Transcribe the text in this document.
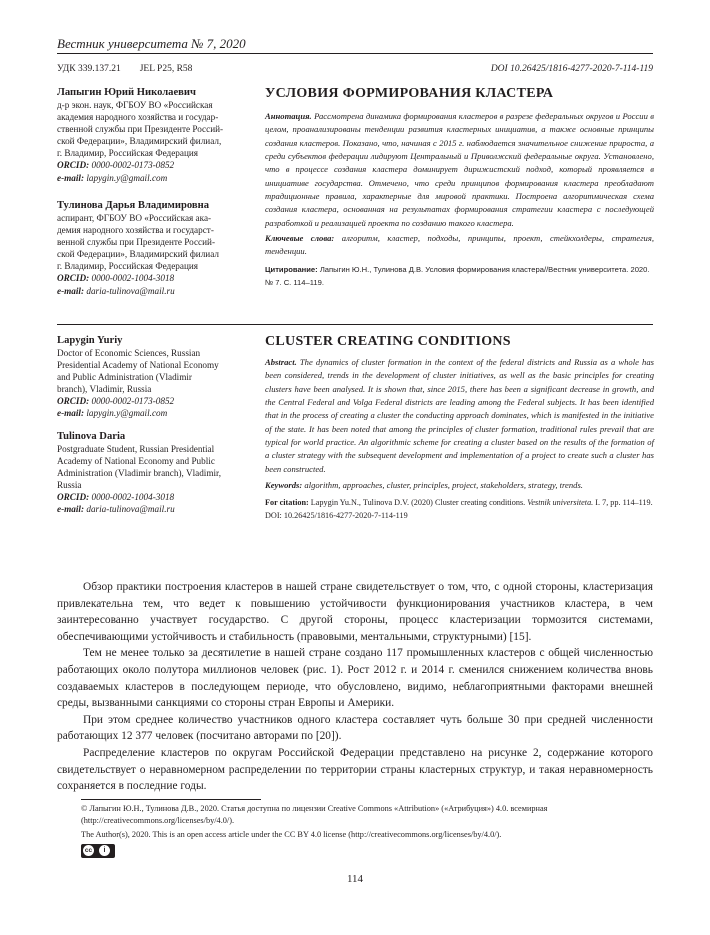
Вестник университета № 7, 2020
УДК 339.137.21 JEL P25, R58	DOI 10.26425/1816-4277-2020-7-114-119

Лапыгин Юрий Николаевич

д-р экон. наук, ФГБОУ ВО «Российская

академия народного хозяйства и государ-

ственной службы при Президенте Россий-

ской Федерации», Владимирский филиал,

г. Владимир, Российская Федерация

ORCID: 0000-0002-0173-0852

e-mail: lapygin.y@gmail.com

Тулинова Дарья Владимировна

аспирант, ФГБОУ ВО «Российская ака-

демия народного хозяйства и государст-

венной службы при Президенте Россий-

ской Федерации», Владимирский филиал

г. Владимир, Российская Федерация

ORCID: 0000-0002-1004-3018

e-mail: daria-tulinova@mail.ru

УСЛОВИЯ ФОРМИРОВАНИЯ КЛАСТЕРА
Аннотация. Рассмотрена динамика формирования кластеров в разрезе федеральных округов и России в целом, проанализированы тенденции развития кластерных инициатив, а также основные принципы создания кластеров. Показано, что, начиная с 2015 г. наблюдается значительное снижение прироста, а среди субъектов федерации лидируют Центральный и Приволжский федеральные округа. Установлено, что в процессе создания кластера доминирует дирижистский подход, который проявляется в инициативе государства. Отмечено, что среди принципов формирования кластера преобладают традиционные правила, характерные для мировой практики. Построена алгоритмическая схема создания кластера, основанная на результатах формирования стратегии кластера с последующей разработкой и реализацией проекта по созданию такого кластера.
Ключевые слова: алгоритм, кластер, подходы, принципы, проект, стейкхолдеры, стратегия, тенденции.
Цитирование: Лапыгин Ю.Н., Тулинова Д.В. Условия формирования кластера//Вестник университета. 2020. № 7. С. 114–119.

Lapygin Yuriy

Doctor of Economic Sciences, Russian

Presidential Academy of National Economy

and Public Administration (Vladimir

branch), Vladimir, Russia

ORCID: 0000-0002-0173-0852

e-mail: lapygin.y@gmail.com

Tulinova Daria

Postgraduate Student, Russian Presidential

Academy of National Economy and Public

Administration (Vladimir branch), Vladimir,

Russia

ORCID: 0000-0002-1004-3018

e-mail: daria-tulinova@mail.ru

CLUSTER CREATING CONDITIONS
Abstract. The dynamics of cluster formation in the context of the federal districts and Russia as a whole has been considered, trends in the development of cluster initiatives, as well as the basic principles for creating clusters have been analysed. It is shown that, since 2015, there has been a significant decrease in growth, and the Central Federal and Volga Federal districts are leading among the Federal subjects. It has been identified that in the process of creating a cluster the conducting approach dominates, which is manifested in the initiative of the state. It has been noted that among the principles of cluster formation, traditional rules prevail that are typical for world practice. An algorithmic scheme for creating a cluster based on the results of the formation of a cluster strategy with the subsequent development and implementation of a project to create such a cluster has been constructed.
Keywords: algorithm, approaches, cluster, principles, project, stakeholders, strategy, trends.
For citation: Lapygin Yu.N., Tulinova D.V. (2020) Cluster creating conditions. Vestnik universiteta. I. 7, pp. 114–119. DOI: 10.26425/1816-4277-2020-7-114-119

Обзор практики построения кластеров в нашей стране свидетельствует о том, что, с одной стороны, кластеризация привлекательна тем, что ведет к повышению устойчивости функционирования участников кластера, в чем заинтересованно участвует государство. С другой стороны, процесс кластеризации тормозится системами, обеспечивающими устойчивость и стабильность (правовыми, ментальными, структурными) [15].

Тем не менее только за десятилетие в нашей стране создано 117 промышленных кластеров с общей численностью работающих около полутора миллионов человек (рис. 1). Рост 2012 г. и 2014 г. сменился снижением количества вновь создаваемых кластеров в последующем периоде, что обусловлено, видимо, неблагоприятными факторами внешней среды, вызванными санкциями со стороны стран Европы и Америки.

При этом среднее количество участников одного кластера составляет чуть больше 30 при средней численности работающих 12 377 человек (посчитано авторами по [20]).

Распределение кластеров по округам Российской Федерации представлено на рисунке 2, содержание которого свидетельствует о неравномерном распределении по территории страны кластерных структур, и такая неравномерность сохраняется в последние годы.

© Лапыгин Ю.Н., Тулинова Д.В., 2020. Статья доступна по лицензии Creative Commons «Attribution» («Атрибуция») 4.0. всемирная (http://creativecommons.org/licenses/by/4.0/).
The Author(s), 2020. This is an open access article under the CC BY 4.0 license (http://creativecommons.org/licenses/by/4.0/).
cc	i
114
